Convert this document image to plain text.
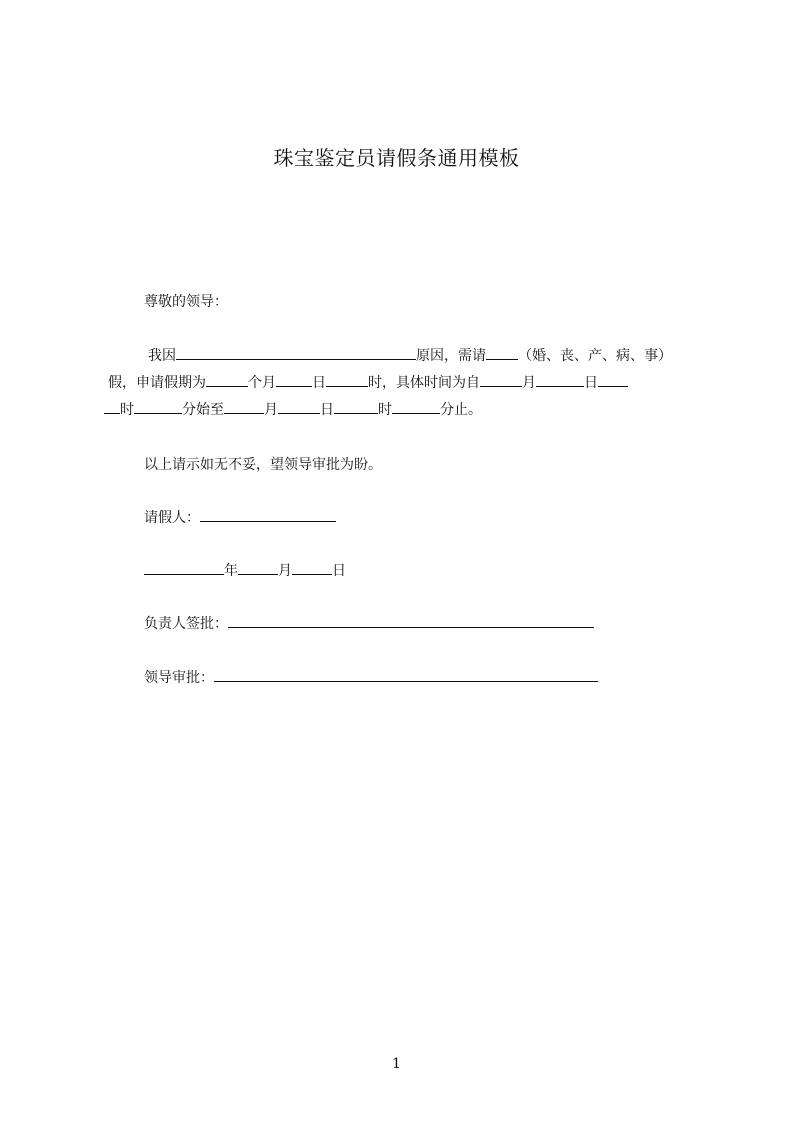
珠宝鉴定员请假条通用模板
尊敬的领导：
我因	原因，需请 （婚、丧、产、病、事）
假，申请假期为	个月	日	时，具体时间为自	月	日
时	分始至	月	日	时	分止。
以上请示如无不妥，望领导审批为盼。
请假人：
年	月	日
负责人签批：
领导审批：
1
